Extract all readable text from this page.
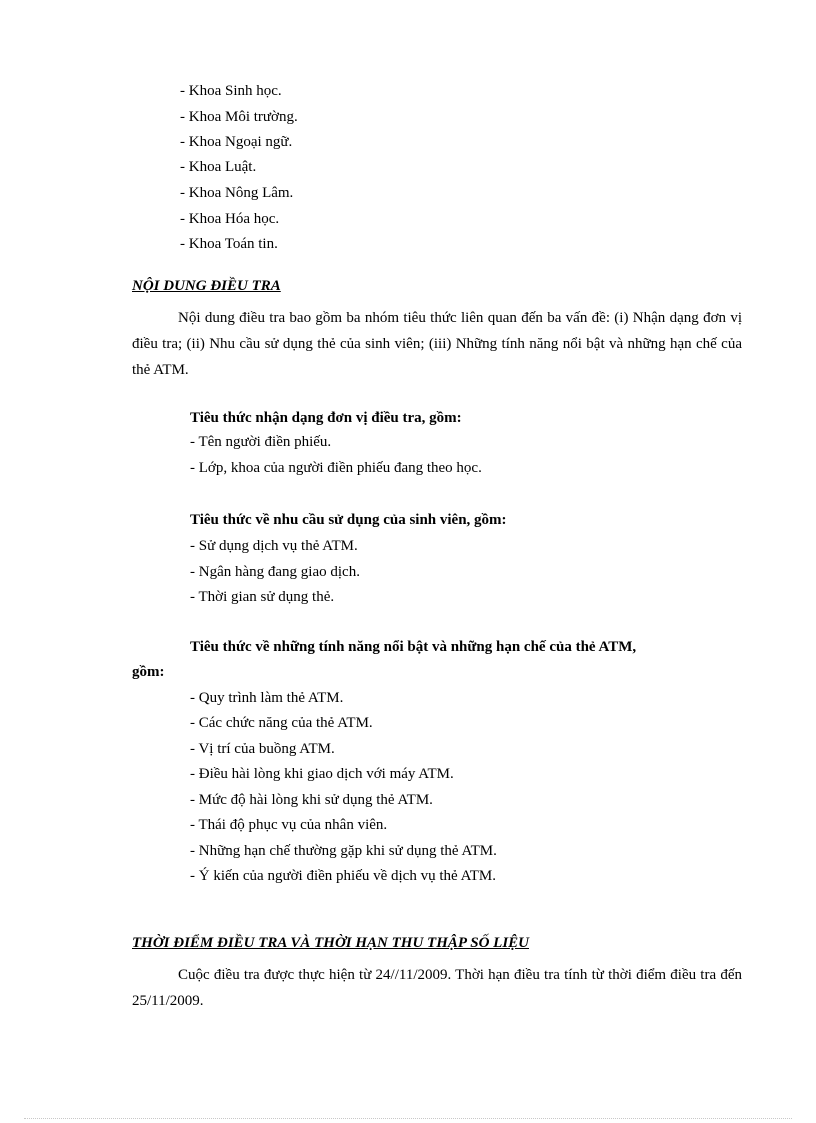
- Khoa Sinh học.
- Khoa Môi trường.
- Khoa Ngoại ngữ.
- Khoa Luật.
- Khoa Nông Lâm.
- Khoa Hóa học.
- Khoa Toán tin.
NỘI DUNG ĐIỀU TRA
Nội dung điều tra bao gồm ba nhóm tiêu thức liên quan đến ba vấn đề: (i) Nhận dạng đơn vị điều tra; (ii) Nhu cầu sử dụng thẻ của sinh viên; (iii) Những tính năng nổi bật và những hạn chế của thẻ ATM.
Tiêu thức nhận dạng đơn vị điều tra, gồm:
- Tên người điền phiếu.
- Lớp, khoa của người điền phiếu đang theo học.
Tiêu thức về nhu cầu sử dụng của sinh viên, gồm:
- Sử dụng dịch vụ thẻ ATM.
- Ngân hàng đang giao dịch.
- Thời gian sử dụng thẻ.
Tiêu thức về những tính năng nổi bật và những hạn chế của thẻ ATM,
gồm:
- Quy trình làm thẻ ATM.
- Các chức năng của thẻ ATM.
- Vị trí của buồng ATM.
- Điều hài lòng khi giao dịch với máy ATM.
- Mức độ hài lòng khi sử dụng thẻ ATM.
- Thái độ phục vụ của nhân viên.
- Những hạn chế thường gặp khi sử dụng thẻ ATM.
- Ý kiến của người điền phiếu về dịch vụ thẻ ATM.
THỜI ĐIỂM ĐIỀU TRA VÀ THỜI HẠN THU THẬP SỐ LIỆU
Cuộc điều tra được thực hiện từ 24//11/2009. Thời hạn điều tra tính từ thời điểm điều tra đến 25/11/2009.
